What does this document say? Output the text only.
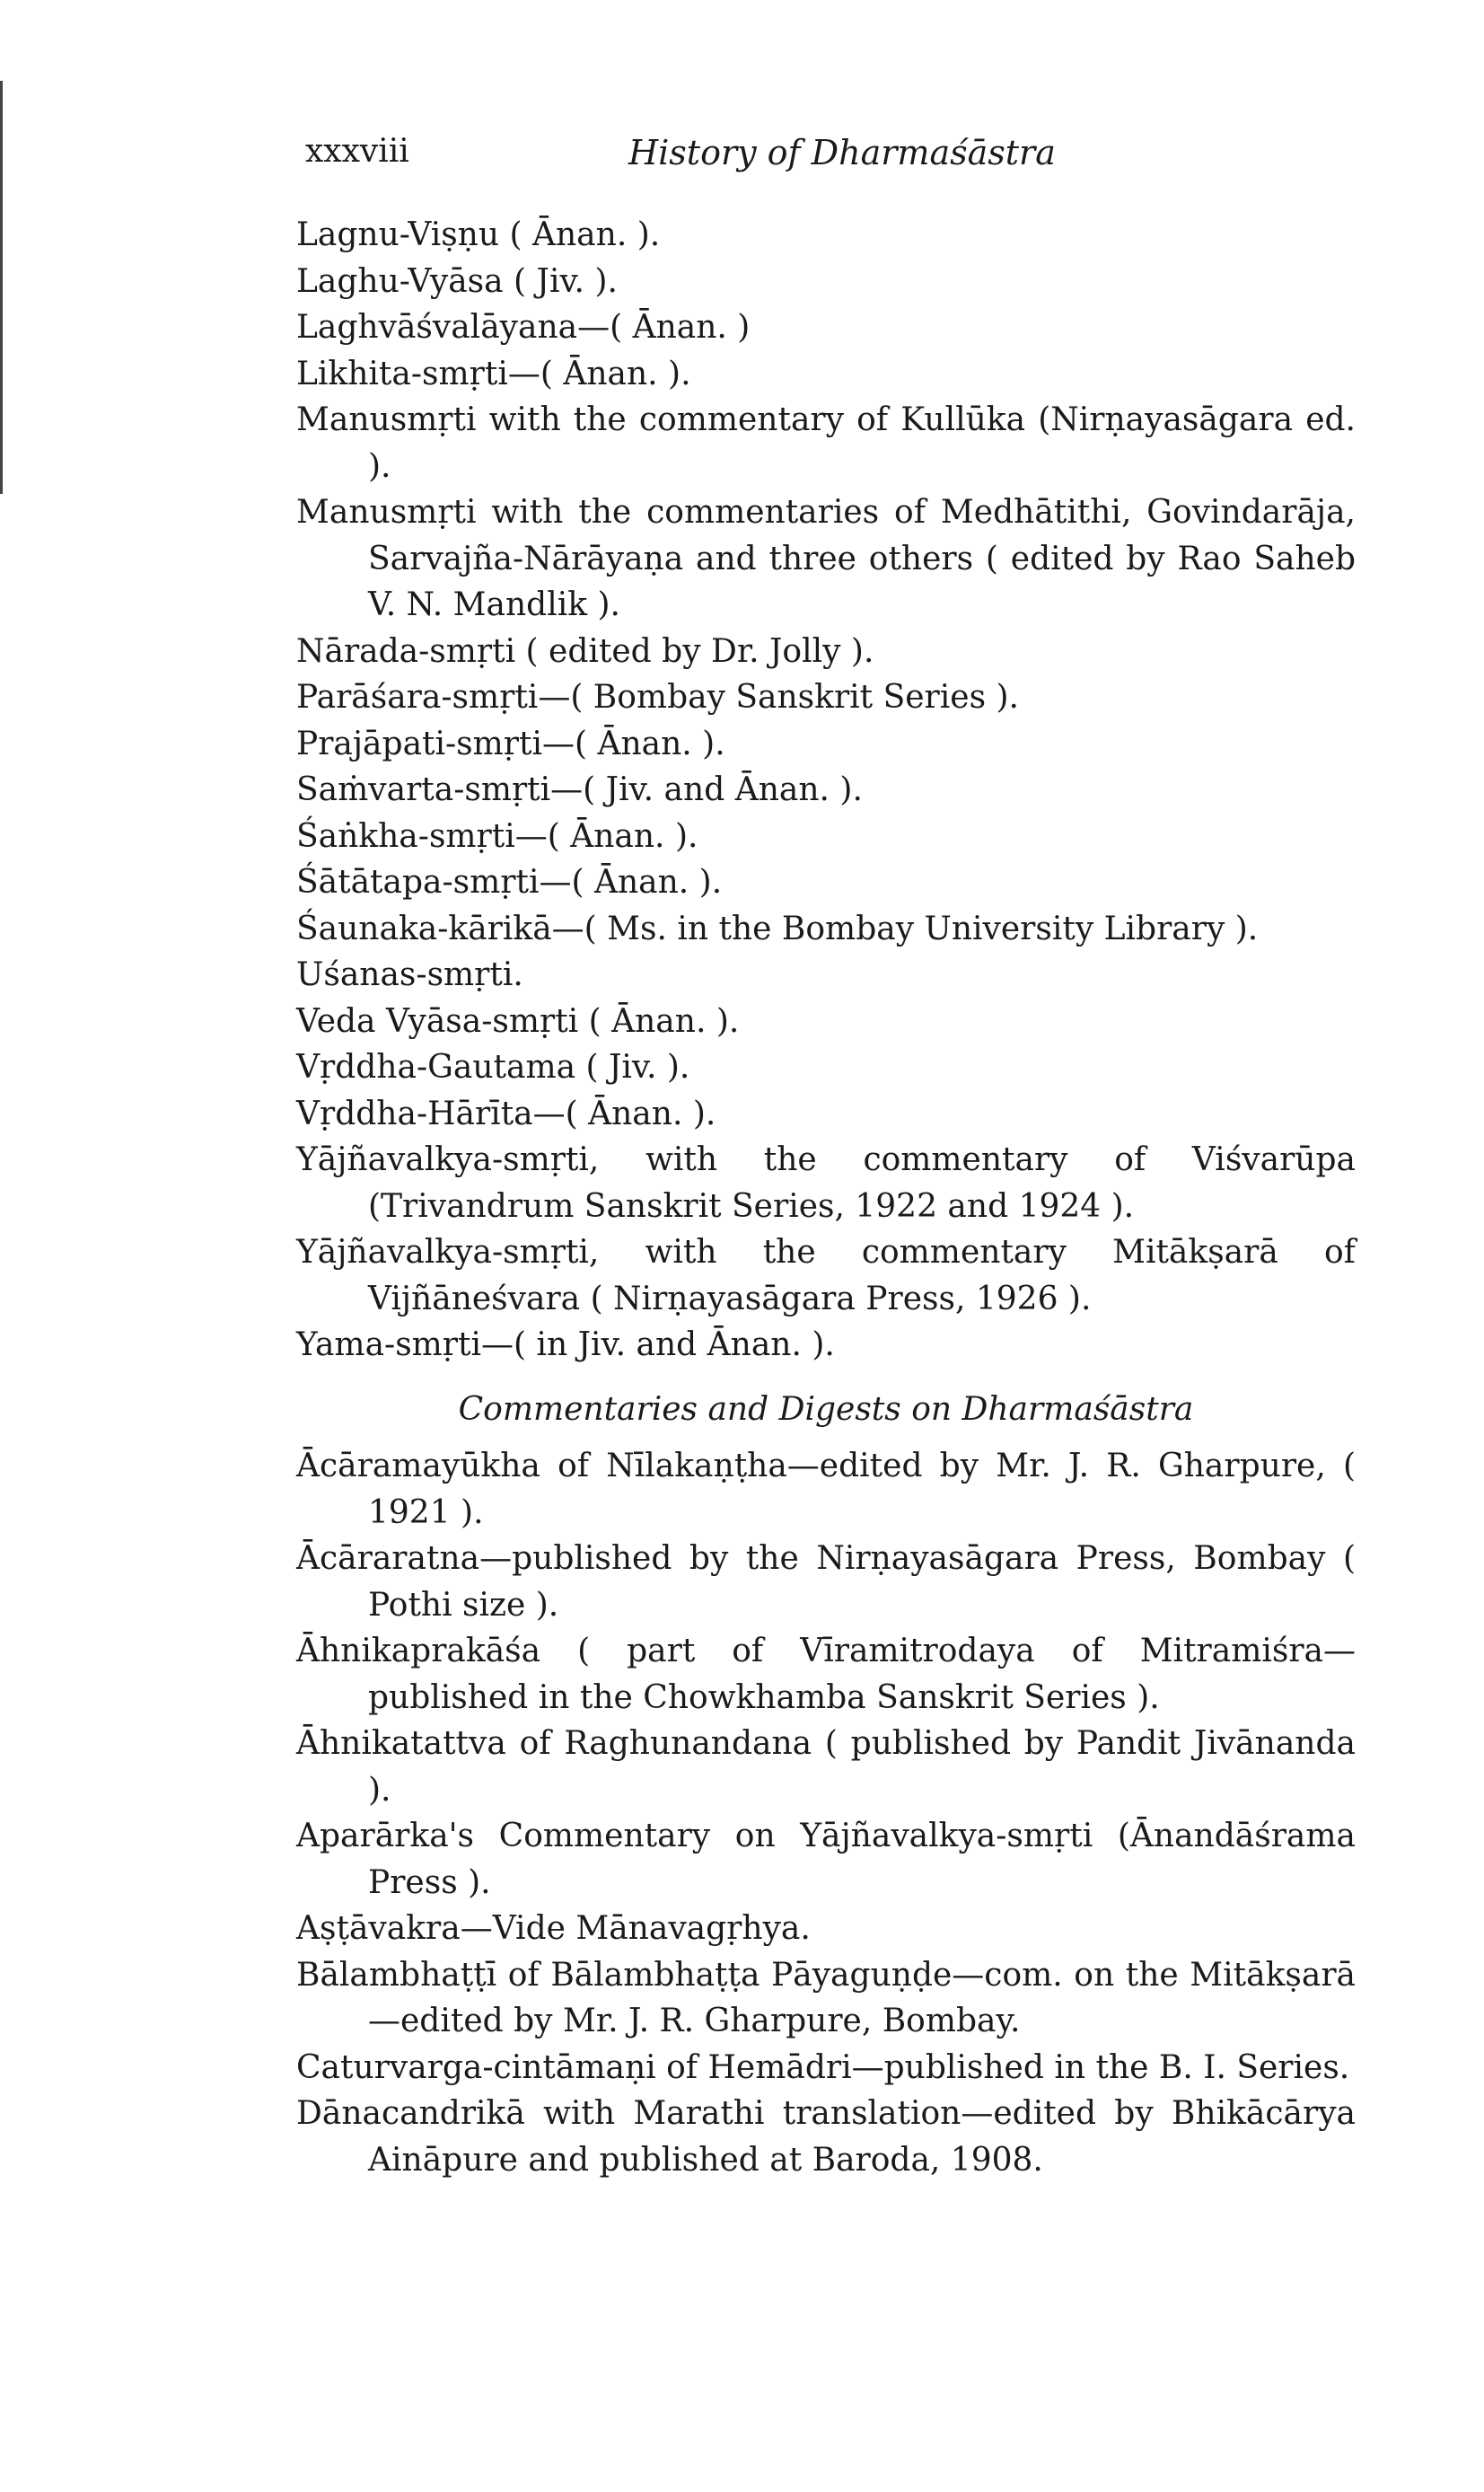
xxxviii	History of Dharmaśāstra
Lagnu-Viṣṇu ( Ānan. ).
Laghu-Vyāsa ( Jiv. ).
Laghvāśvalāyana—( Ānan. )
Likhita-smṛti—( Ānan. ).
Manusmṛti with the commentary of Kullūka (Nirṇayasāgara ed. ).
Manusmṛti with the commentaries of Medhātithi, Govindarāja, Sarvajña-Nārāyaṇa and three others ( edited by Rao Saheb V. N. Mandlik ).
Nārada-smṛti ( edited by Dr. Jolly ).
Parāśara-smṛti—( Bombay Sanskrit Series ).
Prajāpati-smṛti—( Ānan. ).
Saṁvarta-smṛti—( Jiv. and Ānan. ).
Śaṅkha-smṛti—( Ānan. ).
Śātātapa-smṛti—( Ānan. ).
Śaunaka-kārikā—( Ms. in the Bombay University Library ).
Uśanas-smṛti.
Veda Vyāsa-smṛti ( Ānan. ).
Vṛddha-Gautama ( Jiv. ).
Vṛddha-Hārīta—( Ānan. ).
Yājñavalkya-smṛti, with the commentary of Viśvarūpa (Trivandrum Sanskrit Series, 1922 and 1924 ).
Yājñavalkya-smṛti, with the commentary Mitākṣarā of Vijñāneśvara ( Nirṇayasāgara Press, 1926 ).
Yama-smṛti—( in Jiv. and Ānan. ).
Commentaries and Digests on Dharmaśāstra
Ācāramayūkha of Nīlakaṇṭha—edited by Mr. J. R. Gharpure, ( 1921 ).
Ācāraratna—published by the Nirṇayasāgara Press, Bombay ( Pothi size ).
Āhnikaprakāśa ( part of Vīramitrodaya of Mitramiśra—published in the Chowkhamba Sanskrit Series ).
Āhnikatattva of Raghunandana ( published by Pandit Jivānanda ).
Aparārka's Commentary on Yājñavalkya-smṛti (Ānandāśrama Press ).
Aṣṭāvakra—Vide Mānavagṛhya.
Bālambhaṭṭī of Bālambhaṭṭa Pāyaguṇḍe—com. on the Mitākṣarā—edited by Mr. J. R. Gharpure, Bombay.
Caturvarga-cintāmaṇi of Hemādri—published in the B. I. Series.
Dānacandrikā with Marathi translation—edited by Bhikācārya Aināpure and published at Baroda, 1908.
